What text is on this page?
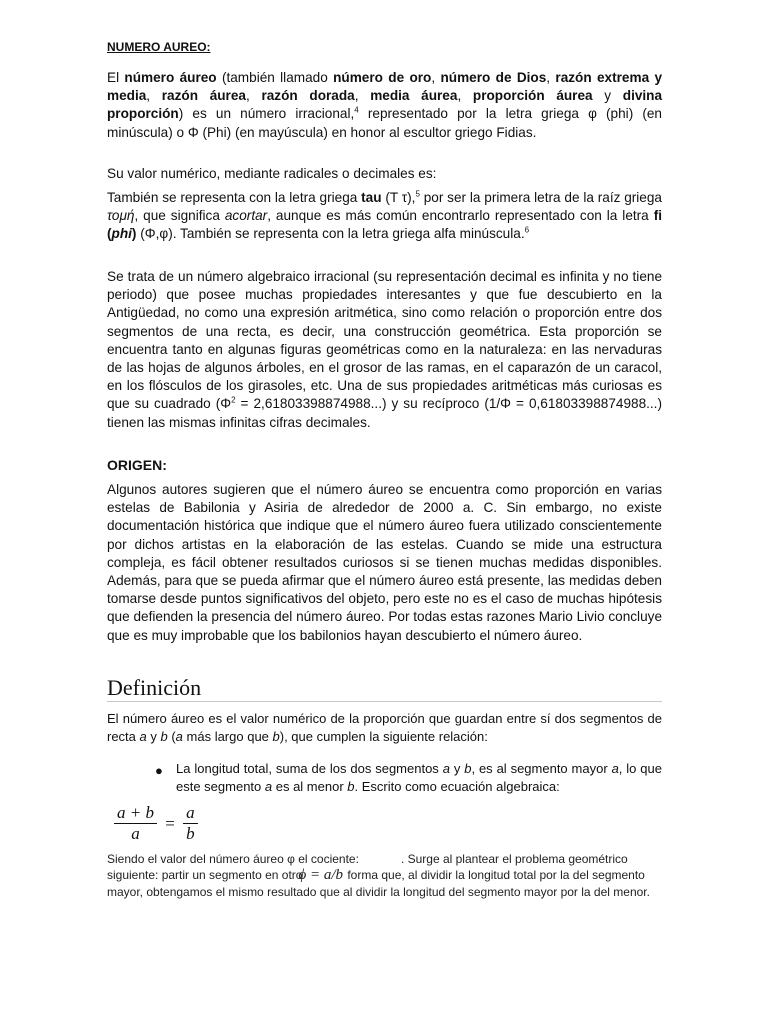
NUMERO AUREO:

El número áureo (también llamado número de oro, número de Dios, razón extrema y media, razón áurea, razón dorada, media áurea, proporción áurea y divina proporción) es un número irracional,$^4$ representado por la letra griega φ (phi) (en minúscula) o Φ (Phi) (en mayúscula) en honor al escultor griego Fidias.

Su valor numérico, mediante radicales o decimales es:

También se representa con la letra griega tau (Τ τ),$^5$ por ser la primera letra de la raíz griega τομή, que significa acortar, aunque es más común encontrarlo representado con la letra fi (phi) (Φ,φ). También se representa con la letra griega alfa minúscula.$^6$

Se trata de un número algebraico irracional (su representación decimal es infinita y no tiene periodo) que posee muchas propiedades interesantes y que fue descubierto en la Antigüedad, no como una expresión aritmética, sino como relación o proporción entre dos segmentos de una recta, es decir, una construcción geométrica. Esta proporción se encuentra tanto en algunas figuras geométricas como en la naturaleza: en las nervaduras de las hojas de algunos árboles, en el grosor de las ramas, en el caparazón de un caracol, en los flósculos de los girasoles, etc. Una de sus propiedades aritméticas más curiosas es que su cuadrado $(\Phi^2 = 2,61803398874988...)$ y su recíproco (1/Φ = 0,61803398874988...) tienen las mismas infinitas cifras decimales.

ORIGEN:
Algunos autores sugieren que el número áureo se encuentra como proporción en varias estelas de Babilonia y Asiria de alrededor de 2000 a. C. Sin embargo, no existe documentación histórica que indique que el número áureo fuera utilizado conscientemente por dichos artistas en la elaboración de las estelas. Cuando se mide una estructura compleja, es fácil obtener resultados curiosos si se tienen muchas medidas disponibles. Además, para que se pueda afirmar que el número áureo está presente, las medidas deben tomarse desde puntos significativos del objeto, pero este no es el caso de muchas hipótesis que defienden la presencia del número áureo. Por todas estas razones Mario Livio concluye que es muy improbable que los babilonios hayan descubierto el número áureo.
Definición

El número áureo es el valor numérico de la proporción que guardan entre sí dos segmentos de recta a y b (a más largo que b), que cumplen la siguiente relación:

● La longitud total, suma de los dos segmentos a y b, es al segmento mayor a, lo que este segmento a es al menor b. Escrito como ecuación algebraica:
$\frac{a + b}{a} = \frac{a}{b}$
Siendo el valor del número áureo φ el cociente:	. Surge al plantear el problema geométrico siguiente: partir un segmento en otroϕ = a/b forma que, al dividir la longitud total por la del segmento mayor, obtengamos el mismo resultado que al dividir la longitud del segmento mayor por la del menor.
